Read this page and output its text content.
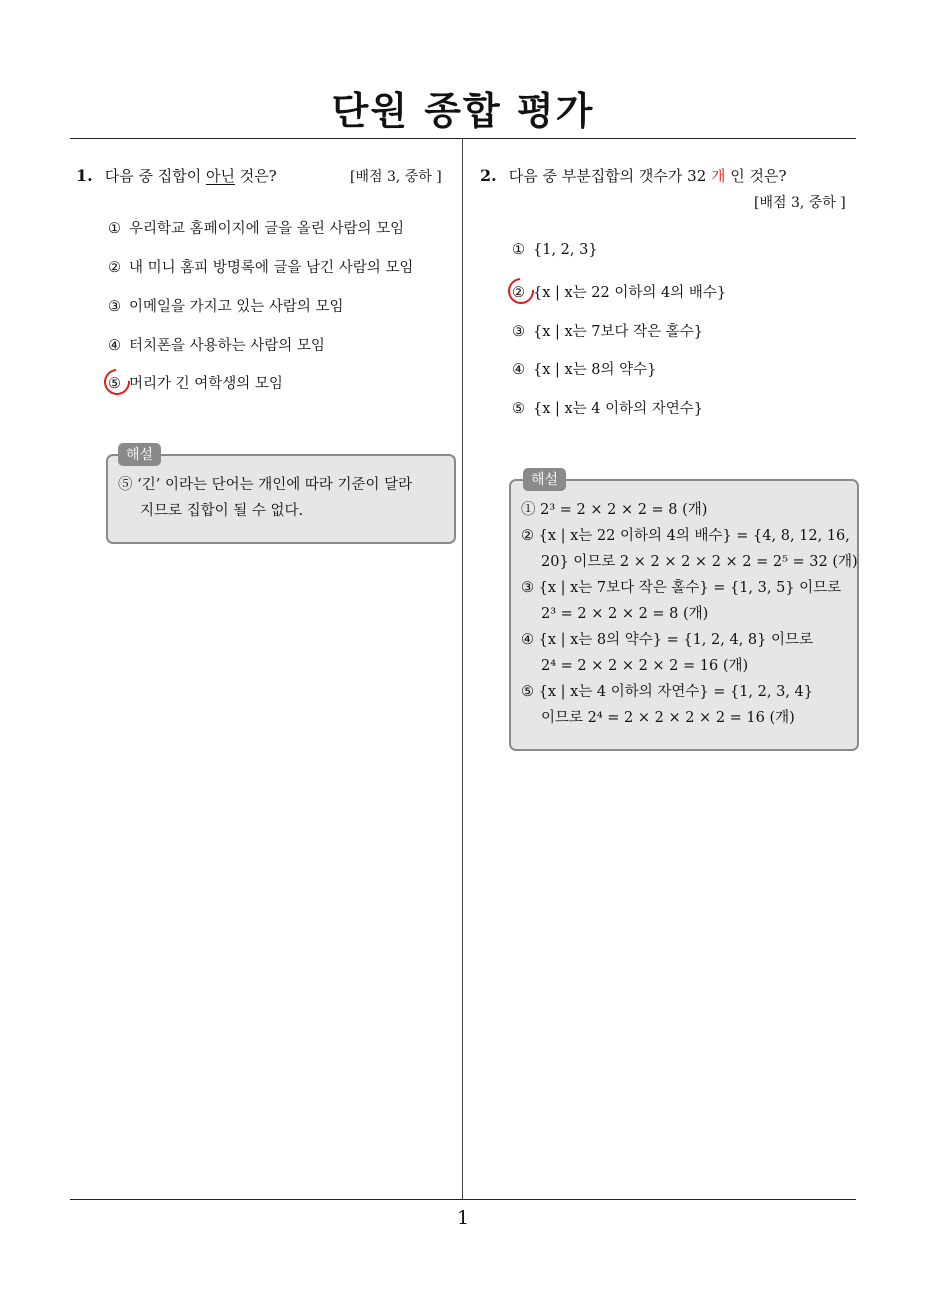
단원 종합 평가
1
1. 다음 중 집합이 아닌 것은?	[배점 3, 중하 ]
① 우리학교 홈페이지에 글을 올린 사람의 모임
② 내 미니 홈피 방명록에 글을 남긴 사람의 모임
③ 이메일을 가지고 있는 사람의 모임
④ 터치폰을 사용하는 사람의 모임
⑤ 머리가 긴 여학생의 모임
해설

⑤ ‘긴’ 이라는 단어는 개인에 따라 기준이 달라

지므로 집합이 될 수 없다.

2. 다음 중 부분집합의 갯수가 32 개 인 것은?
[배점 3, 중하 ]
① {1, 2, 3}
② {x | x는 22 이하의 4의 배수}
③ {x | x는 7보다 작은 홀수}
④ {x | x는 8의 약수}
⑤ {x | x는 4 이하의 자연수}
해설

① 2³ = 2 × 2 × 2 = 8 (개)

② {x | x는 22 이하의 4의 배수} = {4, 8, 12, 16,

20} 이므로 2 × 2 × 2 × 2 × 2 = 2⁵ = 32 (개)

③ {x | x는 7보다 작은 홀수} = {1, 3, 5} 이므로

2³ = 2 × 2 × 2 = 8 (개)

④ {x | x는 8의 약수} = {1, 2, 4, 8} 이므로

2⁴ = 2 × 2 × 2 × 2 = 16 (개)

⑤ {x | x는 4 이하의 자연수} = {1, 2, 3, 4}

이므로 2⁴ = 2 × 2 × 2 × 2 = 16 (개)
